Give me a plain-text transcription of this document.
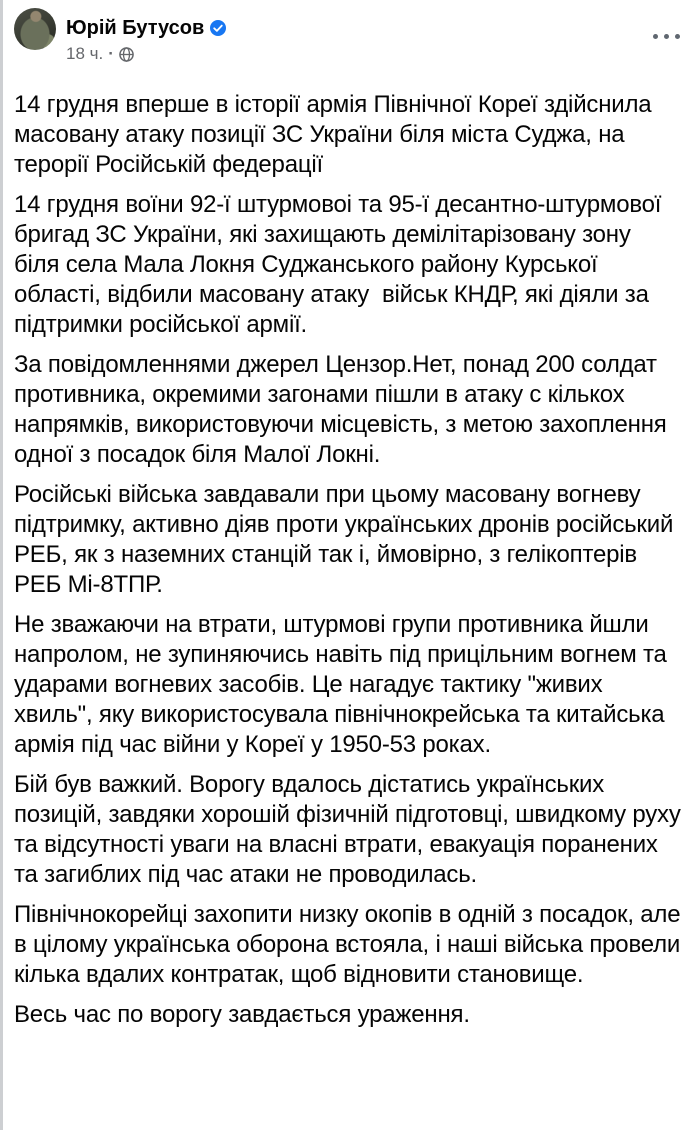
Юрій Бутусов
18 ч. ·

14 грудня вперше в історії армія Північної Кореї здійснила масовану атаку позиції ЗС України біля міста Суджа, на терорії Російській федерації

14 грудня воїни 92-ї штурмовоі та 95-ї десантно-штурмової бригад ЗС України, які захищають демілітарізовану зону біля села Мала Локня Суджанського району Курської області, відбили масовану атаку  військ КНДР, які діяли за підтримки російської армії.

За повідомленнями джерел Цензор.Нет, понад 200 солдат противника, окремими загонами пішли в атаку с кількох напрямків, використовуючи місцевість, з метою захоплення одної з посадок біля Малої Локні.

Російські війська завдавали при цьому масовану вогневу підтримку, активно діяв проти українських дронів російський РЕБ, як з наземних станцій так і, ймовірно, з гелікоптерів РЕБ Мі-8ТПР.

Не зважаючи на втрати, штурмові групи противника йшли напролом, не зупиняючись навіть під прицільним вогнем та ударами вогневих засобів. Це нагадує тактику "живих хвиль", яку використосувала північнокрейська та китайська армія під час війни у Кореї у 1950-53 роках.

Бій був важкий. Ворогу вдалось дістатись українських позицій, завдяки хорошій фізичній підготовці, швидкому руху та відсутності уваги на власні втрати, евакуація поранених та загиблих під час атаки не проводилась.

Північнокорейці захопити низку окопів в одній з посадок, але в цілому українська оборона встояла, і наші війська провели кілька вдалих контратак, щоб відновити становище.

Весь час по ворогу завдається ураження.
